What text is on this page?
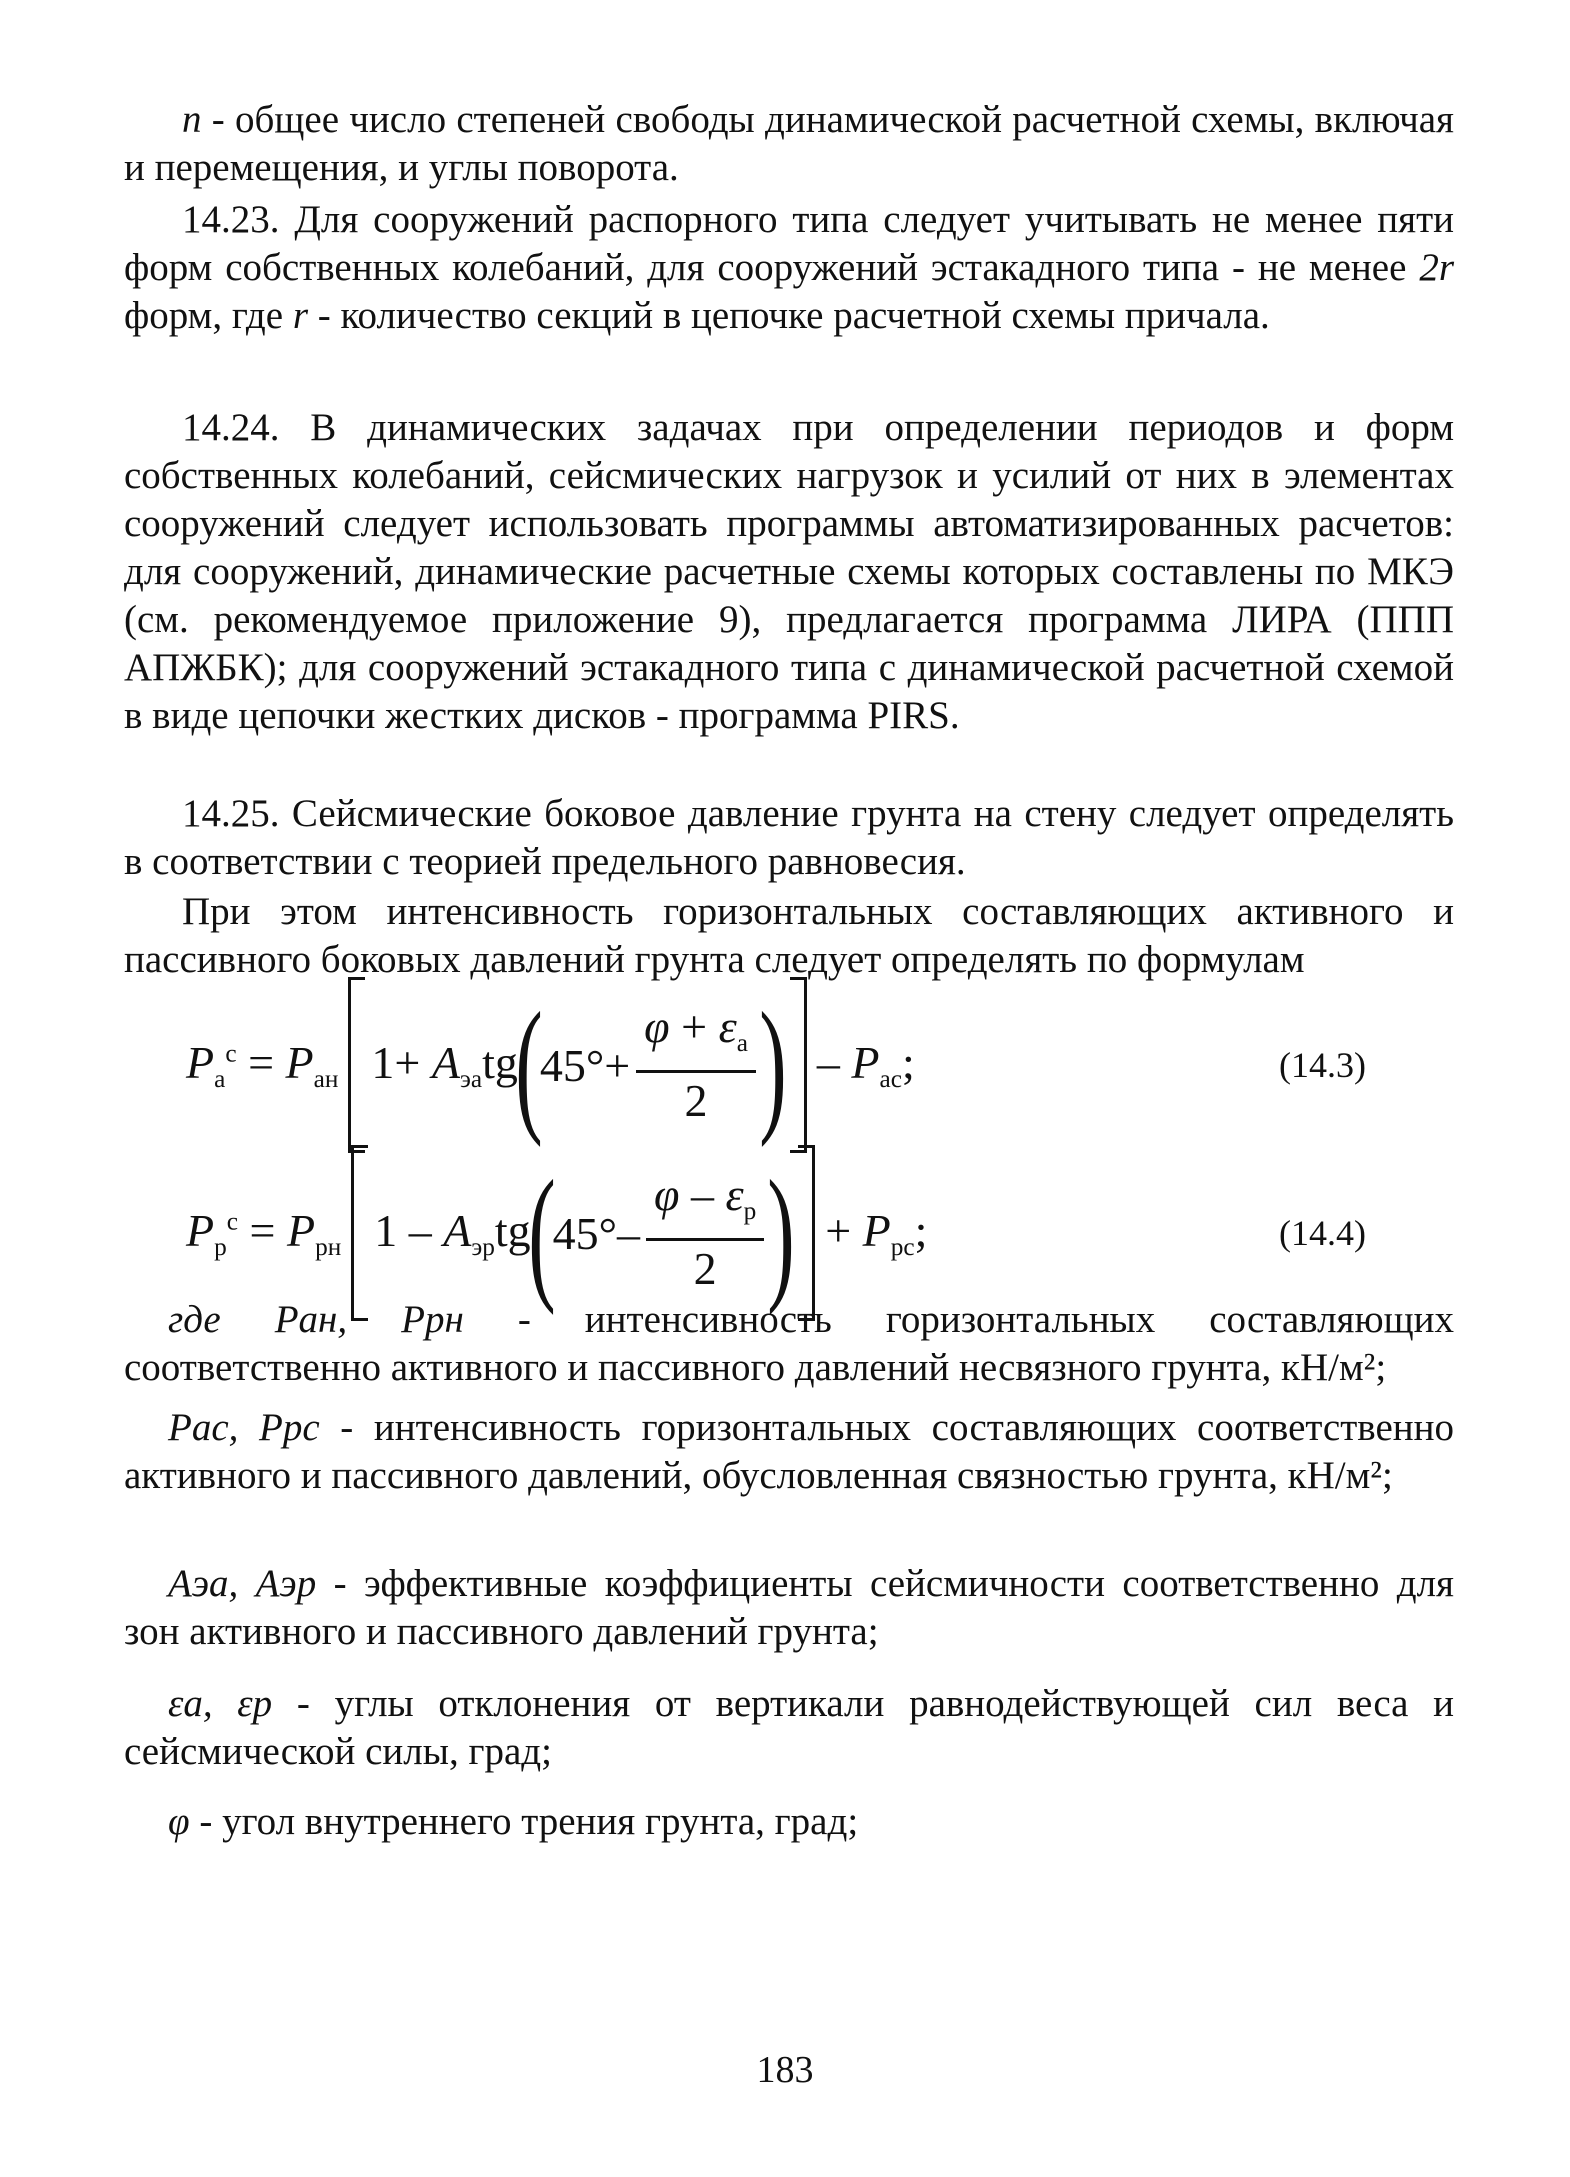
n - общее число степеней свободы динамической расчетной схемы, включая и перемещения, и углы поворота.

14.23. Для сооружений распорного типа следует учитывать не менее пяти форм собственных колебаний, для сооружений эстакадного типа - не менее 2r форм, где r - количество секций в цепочке расчетной схемы причала.

14.24. В динамических задачах при определении периодов и форм собственных колебаний, сейсмических нагрузок и усилий от них в элементах сооружений следует использовать программы автоматизированных расчетов: для сооружений, динамические расчетные схемы которых составлены по МКЭ (см. рекомендуемое приложение 9), предлагается программа ЛИРА (ППП АПЖБК); для сооружений эстакадного типа с динамической расчетной схемой в виде цепочки жестких дисков - программа PIRS.

14.25. Сейсмические боковое давление грунта на стену следует определять в соответствии с теорией предельного равновесия.

При этом интенсивность горизонтальных составляющих активного и пассивного боковых давлений грунта следует определять по формулам

$P_а^с = P_{ан}$ $1+ A_{эа}tg$
(
$45^\circ+ \frac{\varphi + \varepsilon_а}{2}$ ) – $P_{ас}$;	(14.3)
$P_р^с = P_{рн}$ $1 - A_{эр}tg$
(
$45^\circ- \frac{\varphi - \varepsilon_р}{2}$ ) + $P_{рс}$;	(14.4)

где Pан, Pрн - интенсивность горизонтальных составляющих соответственно активного и пассивного давлений несвязного грунта, кН/м²;

Pас, Pрс - интенсивность горизонтальных составляющих соответственно активного и пассивного давлений, обусловленная связностью грунта, кН/м²;

Aэа, Aэр - эффективные коэффициенты сейсмичности соответственно для зон активного и пассивного давлений грунта;

εа, εр - углы отклонения от вертикали равнодействующей сил веса и сейсмической силы, град;

φ - угол внутреннего трения грунта, град;

183
